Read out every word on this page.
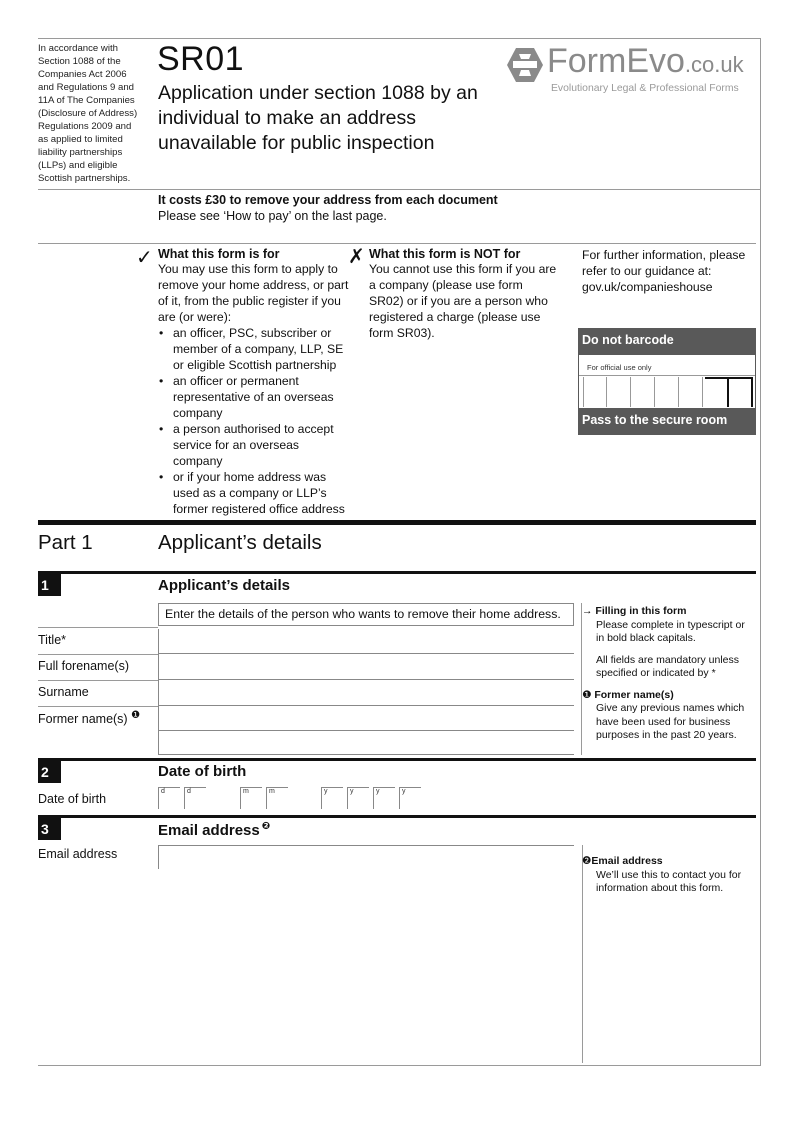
In accordance with Section 1088 of the Companies Act 2006 and Regulations 9 and 11A of The Companies (Disclosure of Address) Regulations 2009 and as applied to limited liability partnerships (LLPs) and eligible Scottish partnerships.
SR01
Application under section 1088 by an individual to make an address unavailable for public inspection
FormEvo.co.uk
Evolutionary Legal & Professional Forms
It costs £30 to remove your address from each document
Please see ‘How to pay’ on the last page.
✓ What this form is for
You may use this form to apply to remove your home address, or part of it, from the public register if you are (or were):
• an officer, PSC, subscriber or member of a company, LLP, SE or eligible Scottish partnership
• an officer or permanent representative of an overseas company
• a person authorised to accept service for an overseas company
• or if your home address was used as a company or LLP’s former registered office address
✗ What this form is NOT for
You cannot use this form if you are a company (please use form SR02) or if you are a person who registered a charge (please use form SR03).
For further information, please refer to our guidance at: gov.uk/companieshouse
Do not barcode
For official use only
Pass to the secure room
Part 1	Applicant’s details
1	Applicant’s details
Enter the details of the person who wants to remove their home address.
Title*
Full forename(s)
Surname
Former name(s) $^❶$
→ Filling in this form
Please complete in typescript or in bold black capitals.
All fields are mandatory unless specified or indicated by *
❶ Former name(s)
Give any previous names which have been used for business purposes in the past 20 years.
2	Date of birth
Date of birth
d	d	m	m	y	y	y	y
3	Email address $^❷$
Email address	❷Email address
We’ll use this to contact you for information about this form.
